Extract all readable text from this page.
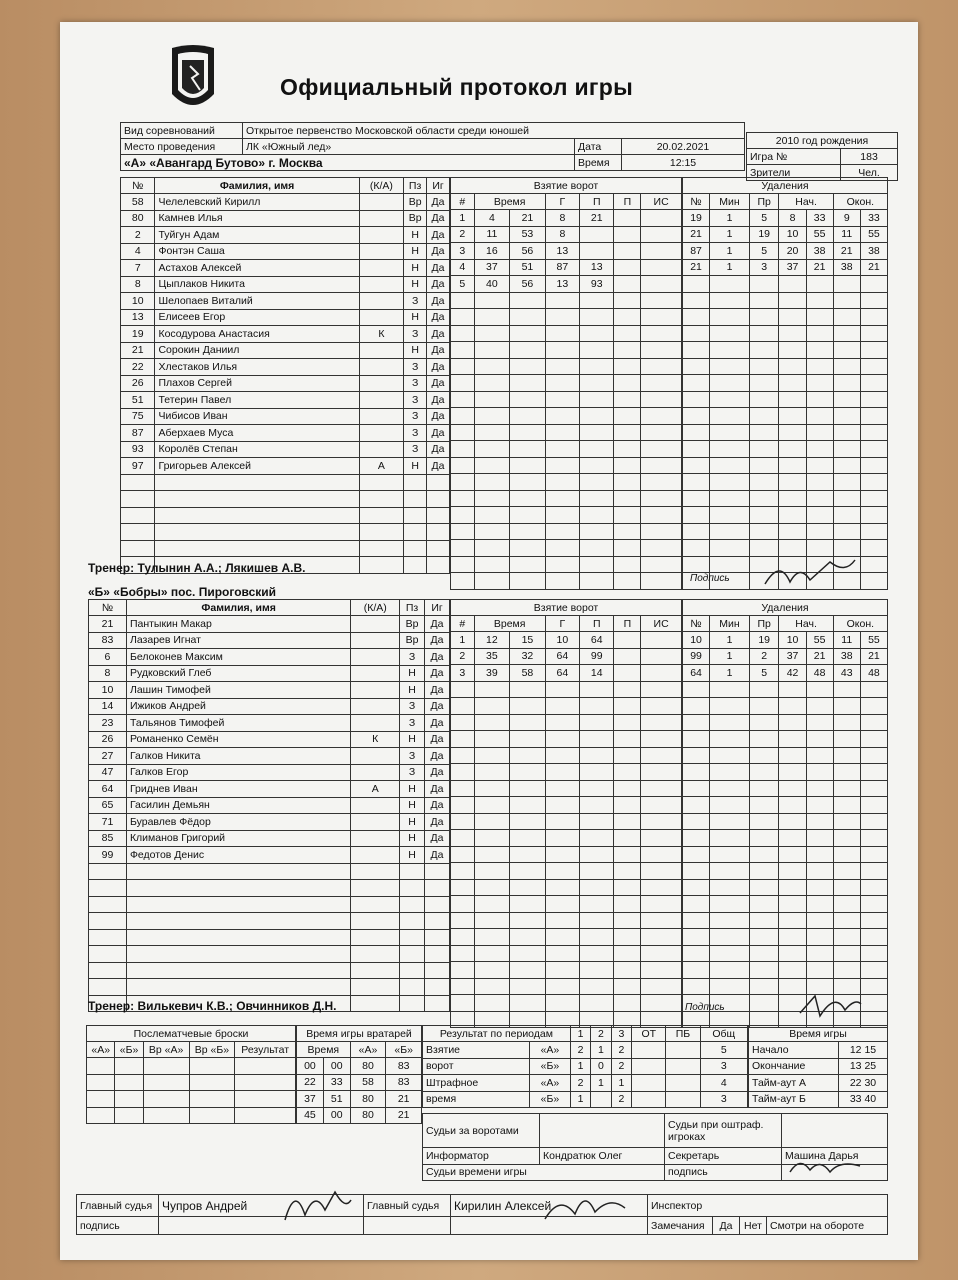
Официальный протокол игры
Вид соревнований	Открытое первенство Московской области среди юношей		
Место проведения	ЛК «Южный лед»	Дата	20.02.2021
«А» «Авангард Бутово» г. Москва		Время	12:15
2010 год рождения	
Игра №	183
Зрители	Чел.
№	Фамилия, имя	(К/А)	Пз	Иг
58	Челелевский Кирилл		Вр	Да
80	Камнев Илья		Вр	Да
2	Туйгун Адам		Н	Да
4	Фонтэн Саша		Н	Да
7	Астахов Алексей		Н	Да
8	Цыплаков Никита		Н	Да
10	Шелопаев Виталий		З	Да
13	Елисеев Егор		Н	Да
19	Косодурова Анастасия	К	З	Да
21	Сорокин Даниил		Н	Да
22	Хлестаков Илья		З	Да
26	Плахов Сергей		З	Да
51	Тетерин Павел		З	Да
75	Чибисов Иван		З	Да
87	Аберхаев Муса		З	Да
93	Королёв Степан		З	Да
97	Григорьев Алексей	А	Н	Да

Взятие ворот						
#	Время		Г	П	П	ИС
1	4	21	8	21		
2	11	53	8			
3	16	56	13			
4	37	51	87	13		
5	40	56	13	93		

Удаления						
№	Мин	Пр	Нач.		Окон.	
19	1	5	8	33	9	33
21	1	19	10	55	11	55
87	1	5	20	38	21	38
21	1	3	37	21	38	21

Тренер: Тулынин А.А.; Лякишев А.В.
Подпись
«Б» «Бобры» пос. Пироговский
№	Фамилия, имя	(К/А)	Пз	Иг
21	Пантыкин Макар		Вр	Да
83	Лазарев Игнат		Вр	Да
6	Белоконев Максим		З	Да
8	Рудковский Глеб		Н	Да
10	Лашин Тимофей		Н	Да
14	Ижиков Андрей		З	Да
23	Тальянов Тимофей		З	Да
26	Романенко Семён	К	Н	Да
27	Галков Никита		З	Да
47	Галков Егор		З	Да
64	Гриднев Иван	А	Н	Да
65	Гасилин Демьян		Н	Да
71	Буравлев Фёдор		Н	Да
85	Климанов Григорий		Н	Да
99	Федотов Денис		Н	Да

Взятие ворот						
#	Время		Г	П	П	ИС
1	12	15	10	64		
2	35	32	64	99		
3	39	58	64	14		

Удаления						
№	Мин	Пр	Нач.		Окон.	
10	1	19	10	55	11	55
99	1	2	37	21	38	21
64	1	5	42	48	43	48

Тренер: Вилькевич К.В.; Овчинников Д.Н.	Подпись
Послематчевые броски				
«А»	«Б»	Вр «А»	Вр «Б»	Результат

Время игры вратарей			
Время		«А»	«Б»
00	00	80	83
22	33	58	83
37	51	80	21
45	00	80	21
Результат по периодам		1	2	3	ОТ	ПБ	Общ
Взятие	«А»	2	1	2			5
ворот	«Б»	1	0	2			3
Штрафное	«А»	2	1	1			4
время	«Б»	1		2			3
Время игры	
Начало	12 15
Окончание	13 25
Тайм-аут А	22 30
Тайм-аут Б	33 40
Судьи за воротами		Судьи при оштраф. игроках	
Информатор	Кондратюк Олег	Секретарь	Машина Дарья
Судьи времени игры		подпись	
Главный судья	Чупров Андрей	Главный судья	Кирилин Алексей	Инспектор			
подпись				Замечания	Да	Нет	Смотри на обороте
